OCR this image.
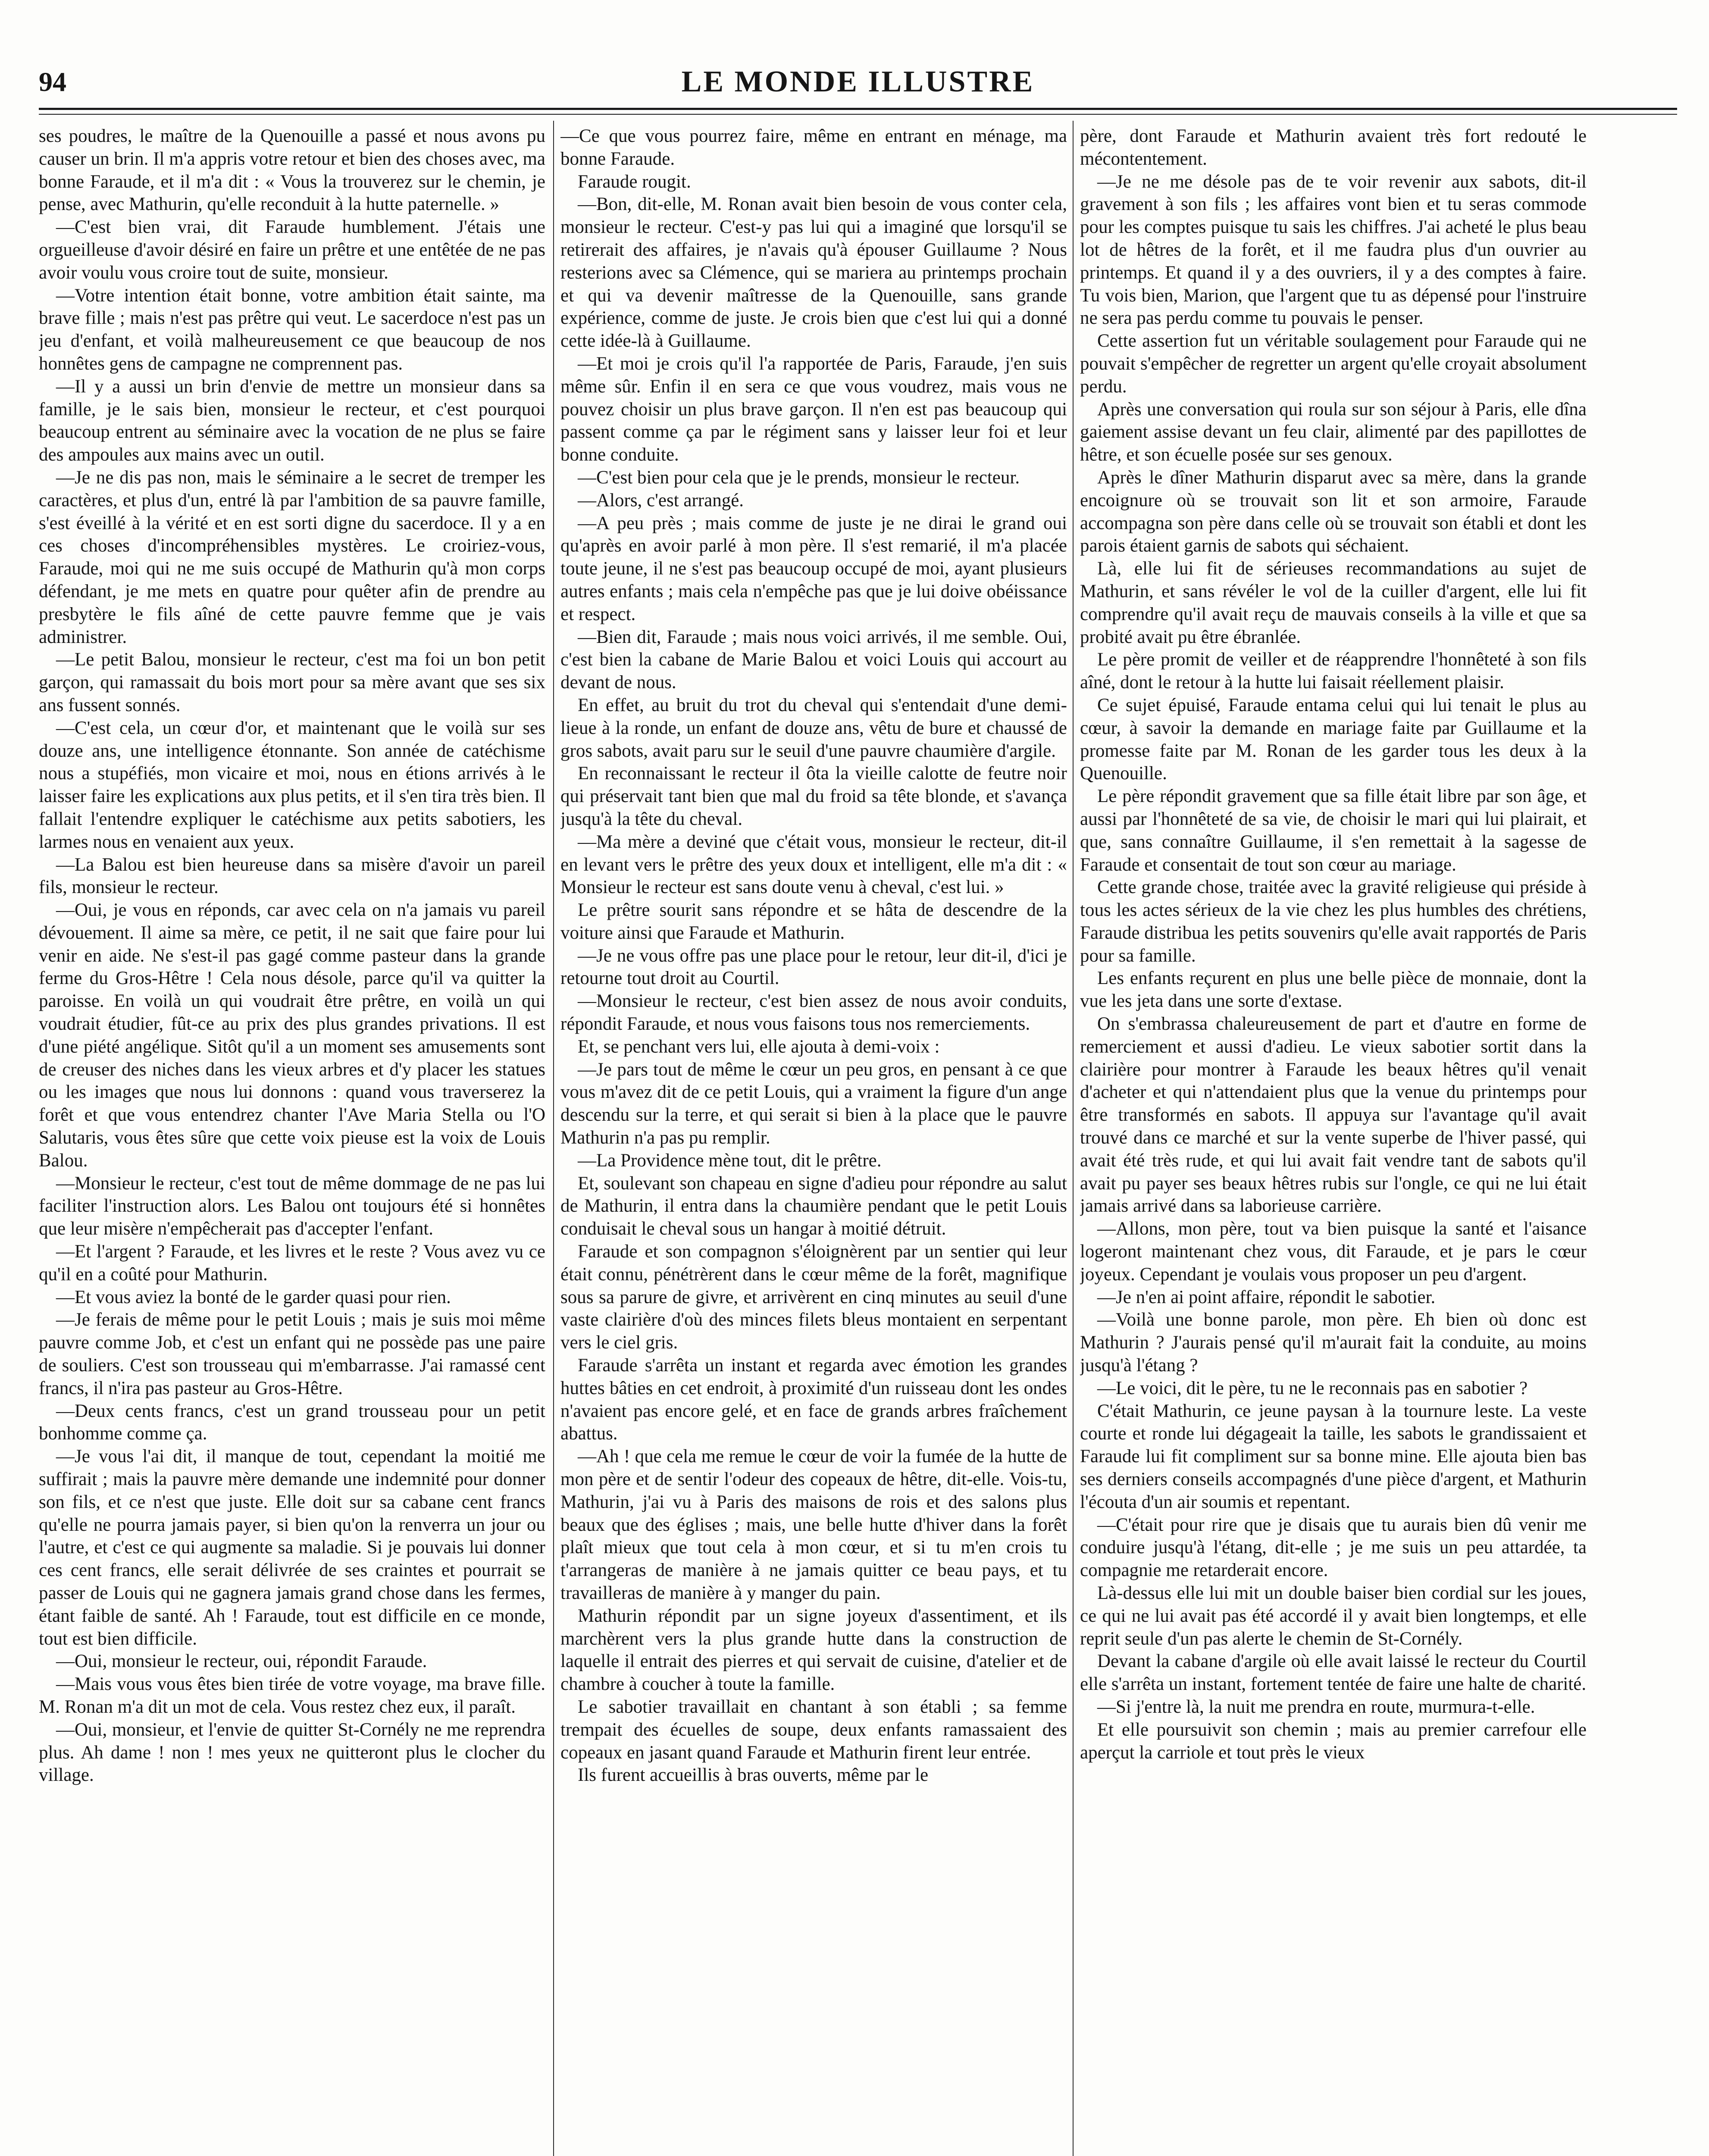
94	LE MONDE ILLUSTRE

ses poudres, le maître de la Quenouille a passé et nous avons pu causer un brin. Il m'a appris votre retour et bien des choses avec, ma bonne Faraude, et il m'a dit : « Vous la trouverez sur le chemin, je pense, avec Mathurin, qu'elle reconduit à la hutte paternelle. »

—C'est bien vrai, dit Faraude humblement. J'étais une orgueilleuse d'avoir désiré en faire un prêtre et une entêtée de ne pas avoir voulu vous croire tout de suite, monsieur.

—Votre intention était bonne, votre ambition était sainte, ma brave fille ; mais n'est pas prêtre qui veut. Le sacerdoce n'est pas un jeu d'enfant, et voilà malheureusement ce que beaucoup de nos honnêtes gens de campagne ne comprennent pas.

—Il y a aussi un brin d'envie de mettre un monsieur dans sa famille, je le sais bien, monsieur le recteur, et c'est pourquoi beaucoup entrent au séminaire avec la vocation de ne plus se faire des ampoules aux mains avec un outil.

—Je ne dis pas non, mais le séminaire a le secret de tremper les caractères, et plus d'un, entré là par l'ambition de sa pauvre famille, s'est éveillé à la vérité et en est sorti digne du sacerdoce. Il y a en ces choses d'incompréhensibles mystères. Le croiriez-vous, Faraude, moi qui ne me suis occupé de Mathurin qu'à mon corps défendant, je me mets en quatre pour quêter afin de prendre au presbytère le fils aîné de cette pauvre femme que je vais administrer.

—Le petit Balou, monsieur le recteur, c'est ma foi un bon petit garçon, qui ramassait du bois mort pour sa mère avant que ses six ans fussent sonnés.

—C'est cela, un cœur d'or, et maintenant que le voilà sur ses douze ans, une intelligence étonnante. Son année de catéchisme nous a stupéfiés, mon vicaire et moi, nous en étions arrivés à le laisser faire les explications aux plus petits, et il s'en tira très bien. Il fallait l'entendre expliquer le catéchisme aux petits sabotiers, les larmes nous en venaient aux yeux.

—La Balou est bien heureuse dans sa misère d'avoir un pareil fils, monsieur le recteur.

—Oui, je vous en réponds, car avec cela on n'a jamais vu pareil dévouement. Il aime sa mère, ce petit, il ne sait que faire pour lui venir en aide. Ne s'est-il pas gagé comme pasteur dans la grande ferme du Gros-Hêtre ! Cela nous désole, parce qu'il va quitter la paroisse. En voilà un qui voudrait être prêtre, en voilà un qui voudrait étudier, fût-ce au prix des plus grandes privations. Il est d'une piété angélique. Sitôt qu'il a un moment ses amusements sont de creuser des niches dans les vieux arbres et d'y placer les statues ou les images que nous lui donnons : quand vous traverserez la forêt et que vous entendrez chanter l'Ave Maria Stella ou l'O Salutaris, vous êtes sûre que cette voix pieuse est la voix de Louis Balou.

—Monsieur le recteur, c'est tout de même dommage de ne pas lui faciliter l'instruction alors. Les Balou ont toujours été si honnêtes que leur misère n'empêcherait pas d'accepter l'enfant.

—Et l'argent ? Faraude, et les livres et le reste ? Vous avez vu ce qu'il en a coûté pour Mathurin.

—Et vous aviez la bonté de le garder quasi pour rien.

—Je ferais de même pour le petit Louis ; mais je suis moi même pauvre comme Job, et c'est un enfant qui ne possède pas une paire de souliers. C'est son trousseau qui m'embarrasse. J'ai ramassé cent francs, il n'ira pas pasteur au Gros-Hêtre.

—Deux cents francs, c'est un grand trousseau pour un petit bonhomme comme ça.

—Je vous l'ai dit, il manque de tout, cependant la moitié me suffirait ; mais la pauvre mère demande une indemnité pour donner son fils, et ce n'est que juste. Elle doit sur sa cabane cent francs qu'elle ne pourra jamais payer, si bien qu'on la renverra un jour ou l'autre, et c'est ce qui augmente sa maladie. Si je pouvais lui donner ces cent francs, elle serait délivrée de ses craintes et pourrait se passer de Louis qui ne gagnera jamais grand chose dans les fermes, étant faible de santé. Ah ! Faraude, tout est difficile en ce monde, tout est bien difficile.

—Oui, monsieur le recteur, oui, répondit Faraude.

—Mais vous vous êtes bien tirée de votre voyage, ma brave fille. M. Ronan m'a dit un mot de cela. Vous restez chez eux, il paraît.

—Oui, monsieur, et l'envie de quitter St-Cornély ne me reprendra plus. Ah dame ! non ! mes yeux ne quitteront plus le clocher du village.

—Ce que vous pourrez faire, même en entrant en ménage, ma bonne Faraude.

Faraude rougit.

—Bon, dit-elle, M. Ronan avait bien besoin de vous conter cela, monsieur le recteur. C'est-y pas lui qui a imaginé que lorsqu'il se retirerait des affaires, je n'avais qu'à épouser Guillaume ? Nous resterions avec sa Clémence, qui se mariera au printemps prochain et qui va devenir maîtresse de la Quenouille, sans grande expérience, comme de juste. Je crois bien que c'est lui qui a donné cette idée-là à Guillaume.

—Et moi je crois qu'il l'a rapportée de Paris, Faraude, j'en suis même sûr. Enfin il en sera ce que vous voudrez, mais vous ne pouvez choisir un plus brave garçon. Il n'en est pas beaucoup qui passent comme ça par le régiment sans y laisser leur foi et leur bonne conduite.

—C'est bien pour cela que je le prends, monsieur le recteur.

—Alors, c'est arrangé.

—A peu près ; mais comme de juste je ne dirai le grand oui qu'après en avoir parlé à mon père. Il s'est remarié, il m'a placée toute jeune, il ne s'est pas beaucoup occupé de moi, ayant plusieurs autres enfants ; mais cela n'empêche pas que je lui doive obéissance et respect.

—Bien dit, Faraude ; mais nous voici arrivés, il me semble. Oui, c'est bien la cabane de Marie Balou et voici Louis qui accourt au devant de nous.

En effet, au bruit du trot du cheval qui s'entendait d'une demi-lieue à la ronde, un enfant de douze ans, vêtu de bure et chaussé de gros sabots, avait paru sur le seuil d'une pauvre chaumière d'argile.

En reconnaissant le recteur il ôta la vieille calotte de feutre noir qui préservait tant bien que mal du froid sa tête blonde, et s'avança jusqu'à la tête du cheval.

—Ma mère a deviné que c'était vous, monsieur le recteur, dit-il en levant vers le prêtre des yeux doux et intelligent, elle m'a dit : « Monsieur le recteur est sans doute venu à cheval, c'est lui. »

Le prêtre sourit sans répondre et se hâta de descendre de la voiture ainsi que Faraude et Mathurin.

—Je ne vous offre pas une place pour le retour, leur dit-il, d'ici je retourne tout droit au Courtil.

—Monsieur le recteur, c'est bien assez de nous avoir conduits, répondit Faraude, et nous vous faisons tous nos remerciements.

Et, se penchant vers lui, elle ajouta à demi-voix :

—Je pars tout de même le cœur un peu gros, en pensant à ce que vous m'avez dit de ce petit Louis, qui a vraiment la figure d'un ange descendu sur la terre, et qui serait si bien à la place que le pauvre Mathurin n'a pas pu remplir.

—La Providence mène tout, dit le prêtre.

Et, soulevant son chapeau en signe d'adieu pour répondre au salut de Mathurin, il entra dans la chaumière pendant que le petit Louis conduisait le cheval sous un hangar à moitié détruit.

Faraude et son compagnon s'éloignèrent par un sentier qui leur était connu, pénétrèrent dans le cœur même de la forêt, magnifique sous sa parure de givre, et arrivèrent en cinq minutes au seuil d'une vaste clairière d'où des minces filets bleus montaient en serpentant vers le ciel gris.

Faraude s'arrêta un instant et regarda avec émotion les grandes huttes bâties en cet endroit, à proximité d'un ruisseau dont les ondes n'avaient pas encore gelé, et en face de grands arbres fraîchement abattus.

—Ah ! que cela me remue le cœur de voir la fumée de la hutte de mon père et de sentir l'odeur des copeaux de hêtre, dit-elle. Vois-tu, Mathurin, j'ai vu à Paris des maisons de rois et des salons plus beaux que des églises ; mais, une belle hutte d'hiver dans la forêt plaît mieux que tout cela à mon cœur, et si tu m'en crois tu t'arrangeras de manière à ne jamais quitter ce beau pays, et tu travailleras de manière à y manger du pain.

Mathurin répondit par un signe joyeux d'assentiment, et ils marchèrent vers la plus grande hutte dans la construction de laquelle il entrait des pierres et qui servait de cuisine, d'atelier et de chambre à coucher à toute la famille.

Le sabotier travaillait en chantant à son établi ; sa femme trempait des écuelles de soupe, deux enfants ramassaient des copeaux en jasant quand Faraude et Mathurin firent leur entrée.

Ils furent accueillis à bras ouverts, même par le

père, dont Faraude et Mathurin avaient très fort redouté le mécontentement.

—Je ne me désole pas de te voir revenir aux sabots, dit-il gravement à son fils ; les affaires vont bien et tu seras commode pour les comptes puisque tu sais les chiffres. J'ai acheté le plus beau lot de hêtres de la forêt, et il me faudra plus d'un ouvrier au printemps. Et quand il y a des ouvriers, il y a des comptes à faire. Tu vois bien, Marion, que l'argent que tu as dépensé pour l'instruire ne sera pas perdu comme tu pouvais le penser.

Cette assertion fut un véritable soulagement pour Faraude qui ne pouvait s'empêcher de regretter un argent qu'elle croyait absolument perdu.

Après une conversation qui roula sur son séjour à Paris, elle dîna gaiement assise devant un feu clair, alimenté par des papillottes de hêtre, et son écuelle posée sur ses genoux.

Après le dîner Mathurin disparut avec sa mère, dans la grande encoignure où se trouvait son lit et son armoire, Faraude accompagna son père dans celle où se trouvait son établi et dont les parois étaient garnis de sabots qui séchaient.

Là, elle lui fit de sérieuses recommandations au sujet de Mathurin, et sans révéler le vol de la cuiller d'argent, elle lui fit comprendre qu'il avait reçu de mauvais conseils à la ville et que sa probité avait pu être ébranlée.

Le père promit de veiller et de réapprendre l'honnêteté à son fils aîné, dont le retour à la hutte lui faisait réellement plaisir.

Ce sujet épuisé, Faraude entama celui qui lui tenait le plus au cœur, à savoir la demande en mariage faite par Guillaume et la promesse faite par M. Ronan de les garder tous les deux à la Quenouille.

Le père répondit gravement que sa fille était libre par son âge, et aussi par l'honnêteté de sa vie, de choisir le mari qui lui plairait, et que, sans connaître Guillaume, il s'en remettait à la sagesse de Faraude et consentait de tout son cœur au mariage.

Cette grande chose, traitée avec la gravité religieuse qui préside à tous les actes sérieux de la vie chez les plus humbles des chrétiens, Faraude distribua les petits souvenirs qu'elle avait rapportés de Paris pour sa famille.

Les enfants reçurent en plus une belle pièce de monnaie, dont la vue les jeta dans une sorte d'extase.

On s'embrassa chaleureusement de part et d'autre en forme de remerciement et aussi d'adieu. Le vieux sabotier sortit dans la clairière pour montrer à Faraude les beaux hêtres qu'il venait d'acheter et qui n'attendaient plus que la venue du printemps pour être transformés en sabots. Il appuya sur l'avantage qu'il avait trouvé dans ce marché et sur la vente superbe de l'hiver passé, qui avait été très rude, et qui lui avait fait vendre tant de sabots qu'il avait pu payer ses beaux hêtres rubis sur l'ongle, ce qui ne lui était jamais arrivé dans sa laborieuse carrière.

—Allons, mon père, tout va bien puisque la santé et l'aisance logeront maintenant chez vous, dit Faraude, et je pars le cœur joyeux. Cependant je voulais vous proposer un peu d'argent.

—Je n'en ai point affaire, répondit le sabotier.

—Voilà une bonne parole, mon père. Eh bien où donc est Mathurin ? J'aurais pensé qu'il m'aurait fait la conduite, au moins jusqu'à l'étang ?

—Le voici, dit le père, tu ne le reconnais pas en sabotier ?

C'était Mathurin, ce jeune paysan à la tournure leste. La veste courte et ronde lui dégageait la taille, les sabots le grandissaient et Faraude lui fit compliment sur sa bonne mine. Elle ajouta bien bas ses derniers conseils accompagnés d'une pièce d'argent, et Mathurin l'écouta d'un air soumis et repentant.

—C'était pour rire que je disais que tu aurais bien dû venir me conduire jusqu'à l'étang, dit-elle ; je me suis un peu attardée, ta compagnie me retarderait encore.

Là-dessus elle lui mit un double baiser bien cordial sur les joues, ce qui ne lui avait pas été accordé il y avait bien longtemps, et elle reprit seule d'un pas alerte le chemin de St-Cornély.

Devant la cabane d'argile où elle avait laissé le recteur du Courtil elle s'arrêta un instant, fortement tentée de faire une halte de charité.

—Si j'entre là, la nuit me prendra en route, murmura-t-elle.

Et elle poursuivit son chemin ; mais au premier carrefour elle aperçut la carriole et tout près le vieux
